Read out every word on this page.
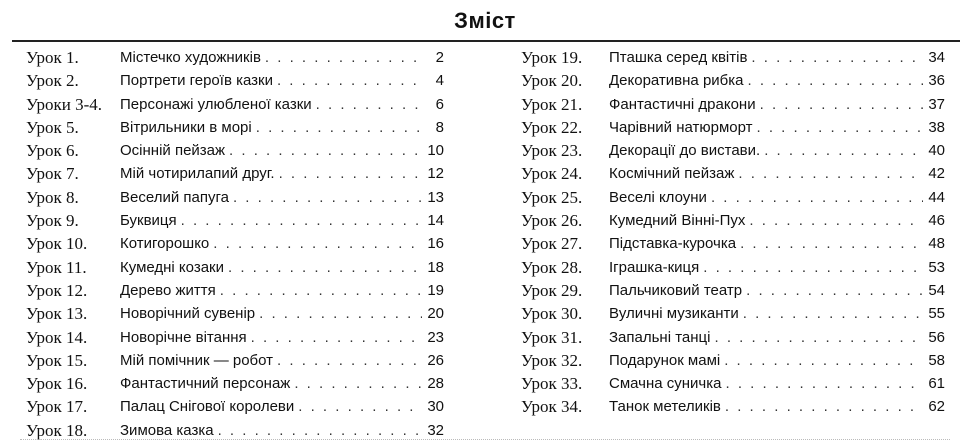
Зміст
Урок 1.	Містечко художників . . .	2
Урок 2.	Портрети героїв казки . . .	4
Уроки 3-4. Персонажі улюбленої казки . . .	6
Урок 5.	Вітрильники в морі . . .	8
Урок 6.	Осінній пейзаж . . .	10
Урок 7.	Мій чотирилапий друг. . . .	12
Урок 8.	Веселий папуга . . .	13
Урок 9.	Буквиця . . .	14
Урок 10. Котигорошко . . .	16
Урок 11. Кумедні козаки . . .	18
Урок 12. Дерево життя . . .	19
Урок 13. Новорічний сувенір . . .	20
Урок 14. Новорічне вітання . . .	23
Урок 15. Мій помічник — робот . . .	26
Урок 16. Фантастичний персонаж . . .	28
Урок 17. Палац Снігової королеви . . .	30
Урок 18. Зимова казка . . .	32
Урок 19. Пташка серед квітів . . .	34
Урок 20. Декоративна рибка . . .	36
Урок 21. Фантастичні дракони . . .	37
Урок 22. Чарівний натюрморт . . .	38
Урок 23. Декорації до вистави. . . .	40
Урок 24. Космічний пейзаж . . .	42
Урок 25. Веселі клоуни . . .	44
Урок 26. Кумедний Вінні-Пух . . .	46
Урок 27. Підставка-курочка . . .	48
Урок 28. Іграшка-киця . . .	53
Урок 29. Пальчиковий театр . . .	54
Урок 30. Вуличні музиканти . . .	55
Урок 31. Запальні танці . . .	56
Урок 32. Подарунок мамі . . .	58
Урок 33. Смачна суничка . . .	61
Урок 34. Танок метеликів . . .	62
